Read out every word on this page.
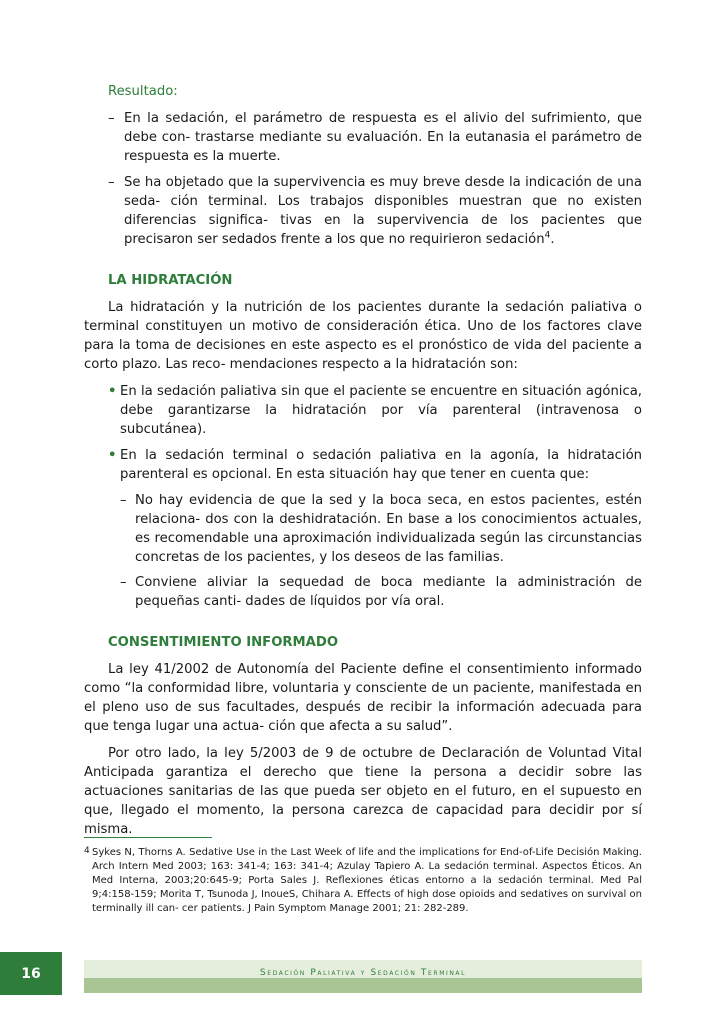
Resultado:

– En la sedación, el parámetro de respuesta es el alivio del sufrimiento, que debe con- trastarse mediante su evaluación. En la eutanasia el parámetro de respuesta es la muerte.

– Se ha objetado que la supervivencia es muy breve desde la indicación de una seda- ción terminal. Los trabajos disponibles muestran que no existen diferencias significa- tivas en la supervivencia de los pacientes que precisaron ser sedados frente a los que no requirieron sedación$^4$.

LA HIDRATACIÓN

La hidratación y la nutrición de los pacientes durante la sedación paliativa o terminal constituyen un motivo de consideración ética. Uno de los factores clave para la toma de decisiones en este aspecto es el pronóstico de vida del paciente a corto plazo. Las reco- mendaciones respecto a la hidratación son:

• En la sedación paliativa sin que el paciente se encuentre en situación agónica, debe garantizarse la hidratación por vía parenteral (intravenosa o subcutánea).

• En la sedación terminal o sedación paliativa en la agonía, la hidratación parenteral es opcional. En esta situación hay que tener en cuenta que:

– No hay evidencia de que la sed y la boca seca, en estos pacientes, estén relaciona- dos con la deshidratación. En base a los conocimientos actuales, es recomendable una aproximación individualizada según las circunstancias concretas de los pacientes, y los deseos de las familias.

– Conviene aliviar la sequedad de boca mediante la administración de pequeñas canti- dades de líquidos por vía oral.

CONSENTIMIENTO INFORMADO

La ley 41/2002 de Autonomía del Paciente define el consentimiento informado como “la conformidad libre, voluntaria y consciente de un paciente, manifestada en el pleno uso de sus facultades, después de recibir la información adecuada para que tenga lugar una actua- ción que afecta a su salud”.

Por otro lado, la ley 5/2003 de 9 de octubre de Declaración de Voluntad Vital Anticipada garantiza el derecho que tiene la persona a decidir sobre las actuaciones sanitarias de las que pueda ser objeto en el futuro, en el supuesto en que, llegado el momento, la persona carezca de capacidad para decidir por sí misma.

4 Sykes N, Thorns A. Sedative Use in the Last Week of life and the implications for End-of-Life Decisión Making. Arch Intern Med 2003; 163: 341-4; 163: 341-4; Azulay Tapiero A. La sedación terminal. Aspectos Éticos. An Med Interna, 2003;20:645-9; Porta Sales J. Reflexiones éticas entorno a la sedación terminal. Med Pal 9;4:158-159; Morita T, Tsunoda J, InoueS, Chihara A. Effects of high dose opioids and sedatives on survival on terminally ill can- cer patients. J Pain Symptom Manage 2001; 21: 282-289.
16	Sedación Paliativa y Sedación Terminal
